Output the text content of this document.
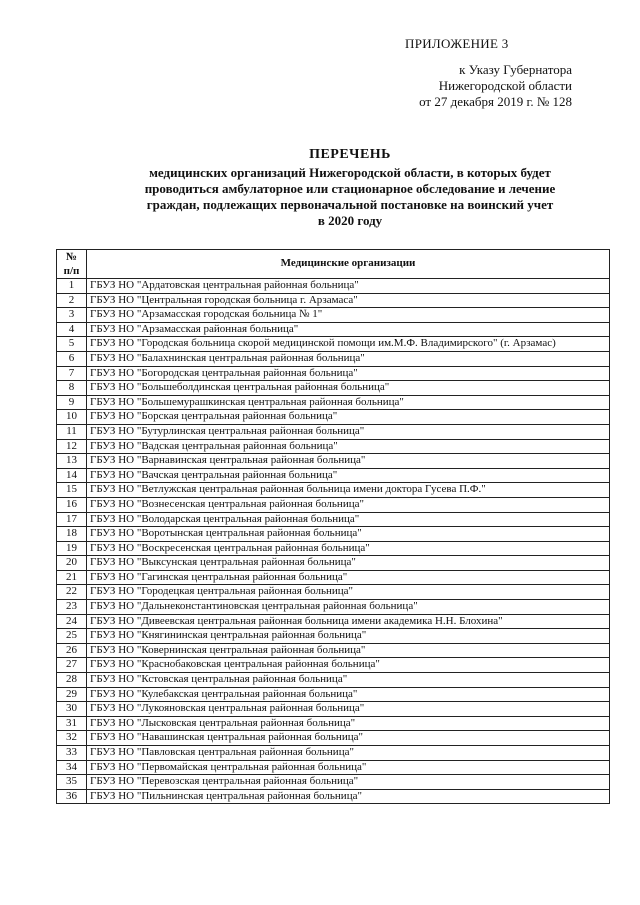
ПРИЛОЖЕНИЕ 3
к Указу Губернатора
Нижегородской области
от 27 декабря 2019 г. № 128
ПЕРЕЧЕНЬ
медицинских организаций Нижегородской области, в которых будет
проводиться амбулаторное или стационарное обследование и лечение
граждан, подлежащих первоначальной постановке на воинский учет
в 2020 году
№
п/п	Медицинские организации
1	ГБУЗ НО "Ардатовская центральная районная больница"
2	ГБУЗ НО "Центральная городская больница г. Арзамаса"
3	ГБУЗ НО "Арзамасская городская больница № 1"
4	ГБУЗ НО "Арзамасская районная больница"
5	ГБУЗ НО "Городская больница скорой медицинской помощи им.М.Ф. Владимирского" (г. Арзамас)
6	ГБУЗ НО "Балахнинская центральная районная больница"
7	ГБУЗ НО "Богородская центральная районная больница"
8	ГБУЗ НО "Большеболдинская центральная районная больница"
9	ГБУЗ НО "Большемурашкинская центральная районная больница"
10	ГБУЗ НО "Борская центральная районная больница"
11	ГБУЗ НО "Бутурлинская центральная районная больница"
12	ГБУЗ НО "Вадская центральная районная больница"
13	ГБУЗ НО "Варнавинская центральная районная больница"
14	ГБУЗ НО "Вачская центральная районная больница"
15	ГБУЗ НО "Ветлужская центральная районная больница имени доктора Гусева П.Ф."
16	ГБУЗ НО "Вознесенская центральная районная больница"
17	ГБУЗ НО "Володарская центральная районная больница"
18	ГБУЗ НО "Воротынская центральная районная больница"
19	ГБУЗ НО "Воскресенская центральная районная больница"
20	ГБУЗ НО "Выксунская центральная районная больница"
21	ГБУЗ НО "Гагинская центральная районная больница"
22	ГБУЗ НО "Городецкая центральная районная больница"
23	ГБУЗ НО "Дальнеконстантиновская центральная районная больница"
24	ГБУЗ НО "Дивеевская центральная районная больница имени академика Н.Н. Блохина"
25	ГБУЗ НО "Княгининская центральная районная больница"
26	ГБУЗ НО "Ковернинская центральная районная больница"
27	ГБУЗ НО "Краснобаковская центральная районная больница"
28	ГБУЗ НО "Кстовская центральная районная больница"
29	ГБУЗ НО "Кулебакская центральная районная больница"
30	ГБУЗ НО "Лукояновская центральная районная больница"
31	ГБУЗ НО "Лысковская центральная районная больница"
32	ГБУЗ НО "Навашинская центральная районная больница"
33	ГБУЗ НО "Павловская центральная районная больница"
34	ГБУЗ НО "Первомайская центральная районная больница"
35	ГБУЗ НО "Перевозская центральная районная больница"
36	ГБУЗ НО "Пильнинская центральная районная больница"
